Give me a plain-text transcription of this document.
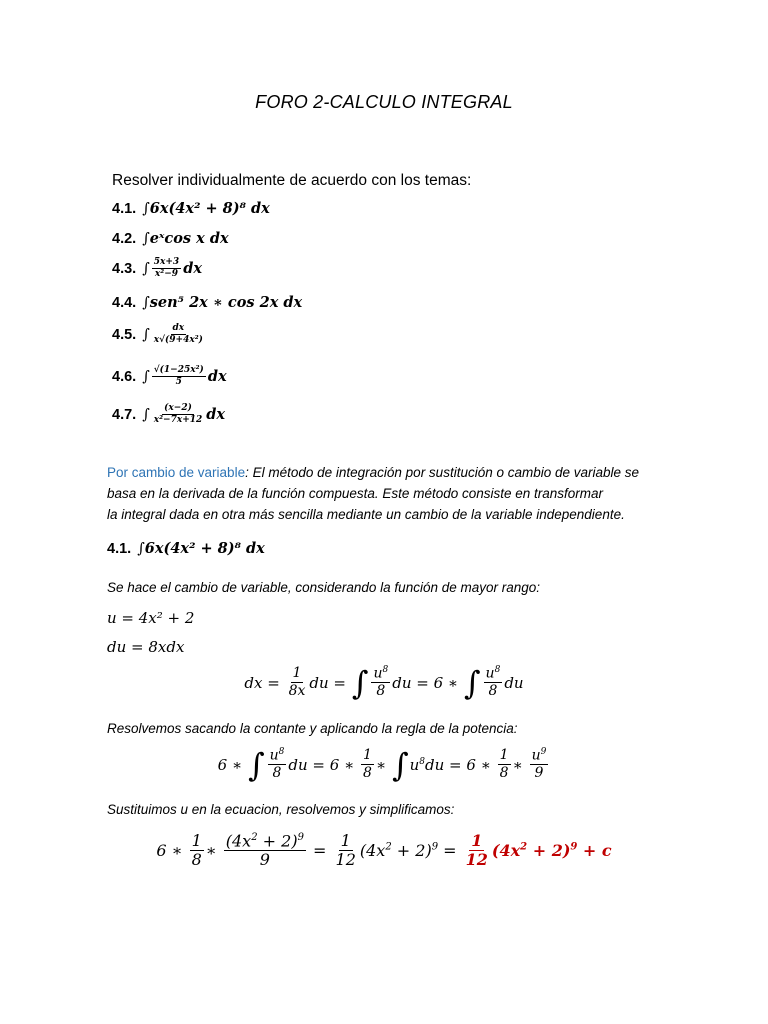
FORO 2-CALCULO INTEGRAL
Resolver individualmente de acuerdo con los temas:
4.1. ∫ 6x(4x² + 8)⁸ dx
4.2. ∫ eˣcos x dx
4.3. ∫ $\frac{5x+3}{\text{x²−9}}$ dx
4.4. ∫ sen⁵ 2x ∗ cos 2x dx
4.5. ∫ $\frac{dx}{\text{x√(9+4x²)}}$
4.6. ∫ $\frac{\text{√(1−25x²)}}{5}$ dx
4.7. ∫ $\frac{(x-2)}{\text{x²−7x+12}}$ dx
Por cambio de variable: El método de integración por sustitución o cambio de variable se
basa en la derivada de la función compuesta. Este método consiste en transformar
la integral dada en otra más sencilla mediante un cambio de la variable independiente.
4.1. ∫ 6x(4x² + 8)⁸ dx
Se hace el cambio de variable, considerando la función de mayor rango:
u = 4x² + 2
du = 8xdx
dx = $\frac{1}{8x}$ du = ∫ $\frac{u^8}{8}$ du = 6 ∗ ∫ $\frac{u^8}{8}$ du
Resolvemos sacando la contante y aplicando la regla de la potencia:
6 ∗ ∫ $\frac{u^8}{8}$ du = 6 ∗ $\frac{1}{8}$ ∗ ∫ $u^8du = 6$ ∗ $\frac{1}{8}$ ∗ $\frac{u^9}{9}$
Sustituimos u en la ecuacion, resolvemos y simplificamos:
6 ∗ $\frac{1}{8}$ ∗ $\frac{(4x^2 + 2)^9}{9} = \frac{1}{12} (4x^2 + 2)^9 = \frac{1}{12} (4x^2 + 2)^9 + c$
